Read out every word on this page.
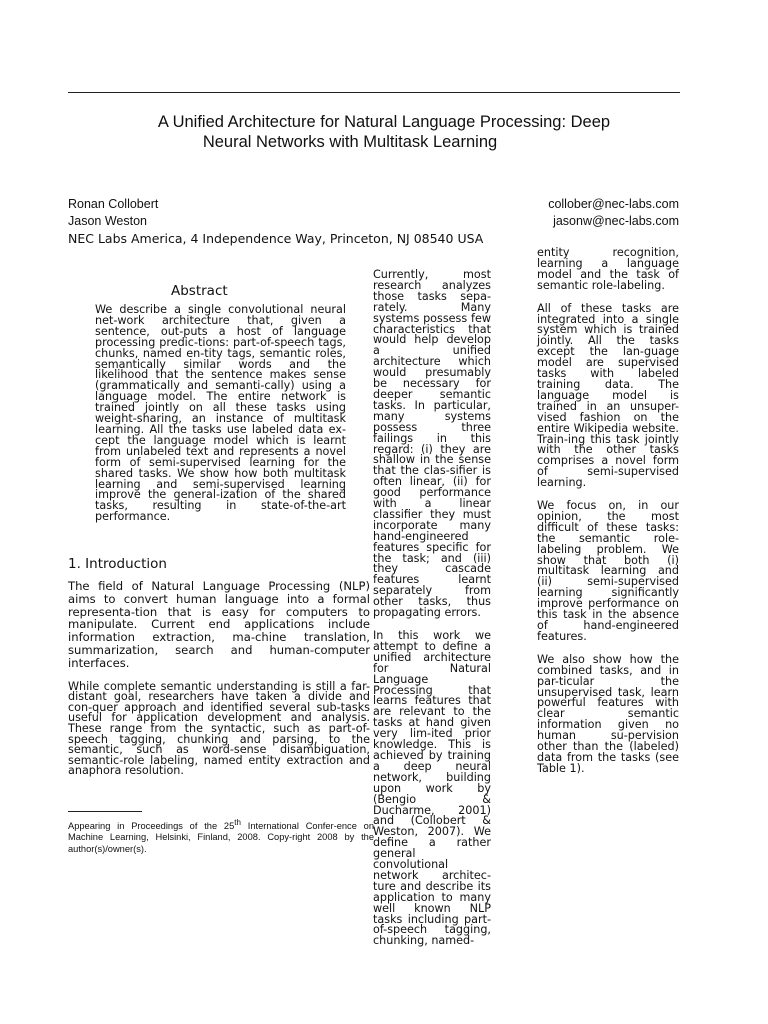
A Unified Architecture for Natural Language Processing: Deep
Neural Networks with Multitask Learning
Ronan Collobert
Jason Weston
collober@nec-labs.com
jasonw@nec-labs.com
NEC Labs America, 4 Independence Way, Princeton, NJ 08540 USA
Abstract

We describe a single convolutional neural net-work architecture that, given a sentence, out-puts a host of language processing predic-tions: part-of-speech tags, chunks, named en-tity tags, semantic roles, semantically similar words and the likelihood that the sentence makes sense (grammatically and semanti-cally) using a language model. The entire network is trained jointly on all these tasks using weight-sharing, an instance of multitask learning. All the tasks use labeled data ex-cept the language model which is learnt from unlabeled text and represents a novel form of semi-supervised learning for the shared tasks. We show how both multitask learning and semi-supervised learning improve the general-ization of the shared tasks, resulting in state-of-the-art performance.

1. Introduction

The field of Natural Language Processing (NLP) aims to convert human language into a formal representa-tion that is easy for computers to manipulate. Current end applications include information extraction, ma-chine translation, summarization, search and human-computer interfaces.

While complete semantic understanding is still a far-distant goal, researchers have taken a divide and con-quer approach and identified several sub-tasks useful for application development and analysis. These range from the syntactic, such as part-of-speech tagging, chunking and parsing, to the semantic, such as word-sense disambiguation, semantic-role labeling, named entity extraction and anaphora resolution.

Currently, most research analyzes those tasks sepa-rately. Many systems possess few characteristics that would help develop a unified architecture which would presumably be necessary for deeper semantic tasks. In particular, many systems possess three failings in this regard: (i) they are shallow in the sense that the clas-sifier is often linear, (ii) for good performance with a linear classifier they must incorporate many hand-engineered features specific for the task; and (iii) they cascade features learnt separately from other tasks, thus propagating errors.

In this work we attempt to define a unified architecture for Natural Language Processing that learns features that are relevant to the tasks at hand given very lim-ited prior knowledge. This is achieved by training a deep neural network, building upon work by (Bengio & Ducharme, 2001) and (Collobert & Weston, 2007). We define a rather general convolutional network architec-ture and describe its application to many well known NLP tasks including part-of-speech tagging, chunking, named-

entity recognition, learning a language model and the task of semantic role-labeling.

All of these tasks are integrated into a single system which is trained jointly. All the tasks except the lan-guage model are supervised tasks with labeled training data. The language model is trained in an unsuper-vised fashion on the entire Wikipedia website. Train-ing this task jointly with the other tasks comprises a novel form of semi-supervised learning.

We focus on, in our opinion, the most difficult of these tasks: the semantic role-labeling problem. We show that both (i) multitask learning and (ii) semi-supervised learning significantly improve performance on this task in the absence of hand-engineered features.

We also show how the combined tasks, and in par-ticular the unsupervised task, learn powerful features with clear semantic information given no human su-pervision other than the (labeled) data from the tasks (see Table 1).

Appearing in Proceedings of the 25th International Confer-ence on Machine Learning, Helsinki, Finland, 2008. Copy-right 2008 by the author(s)/owner(s).
